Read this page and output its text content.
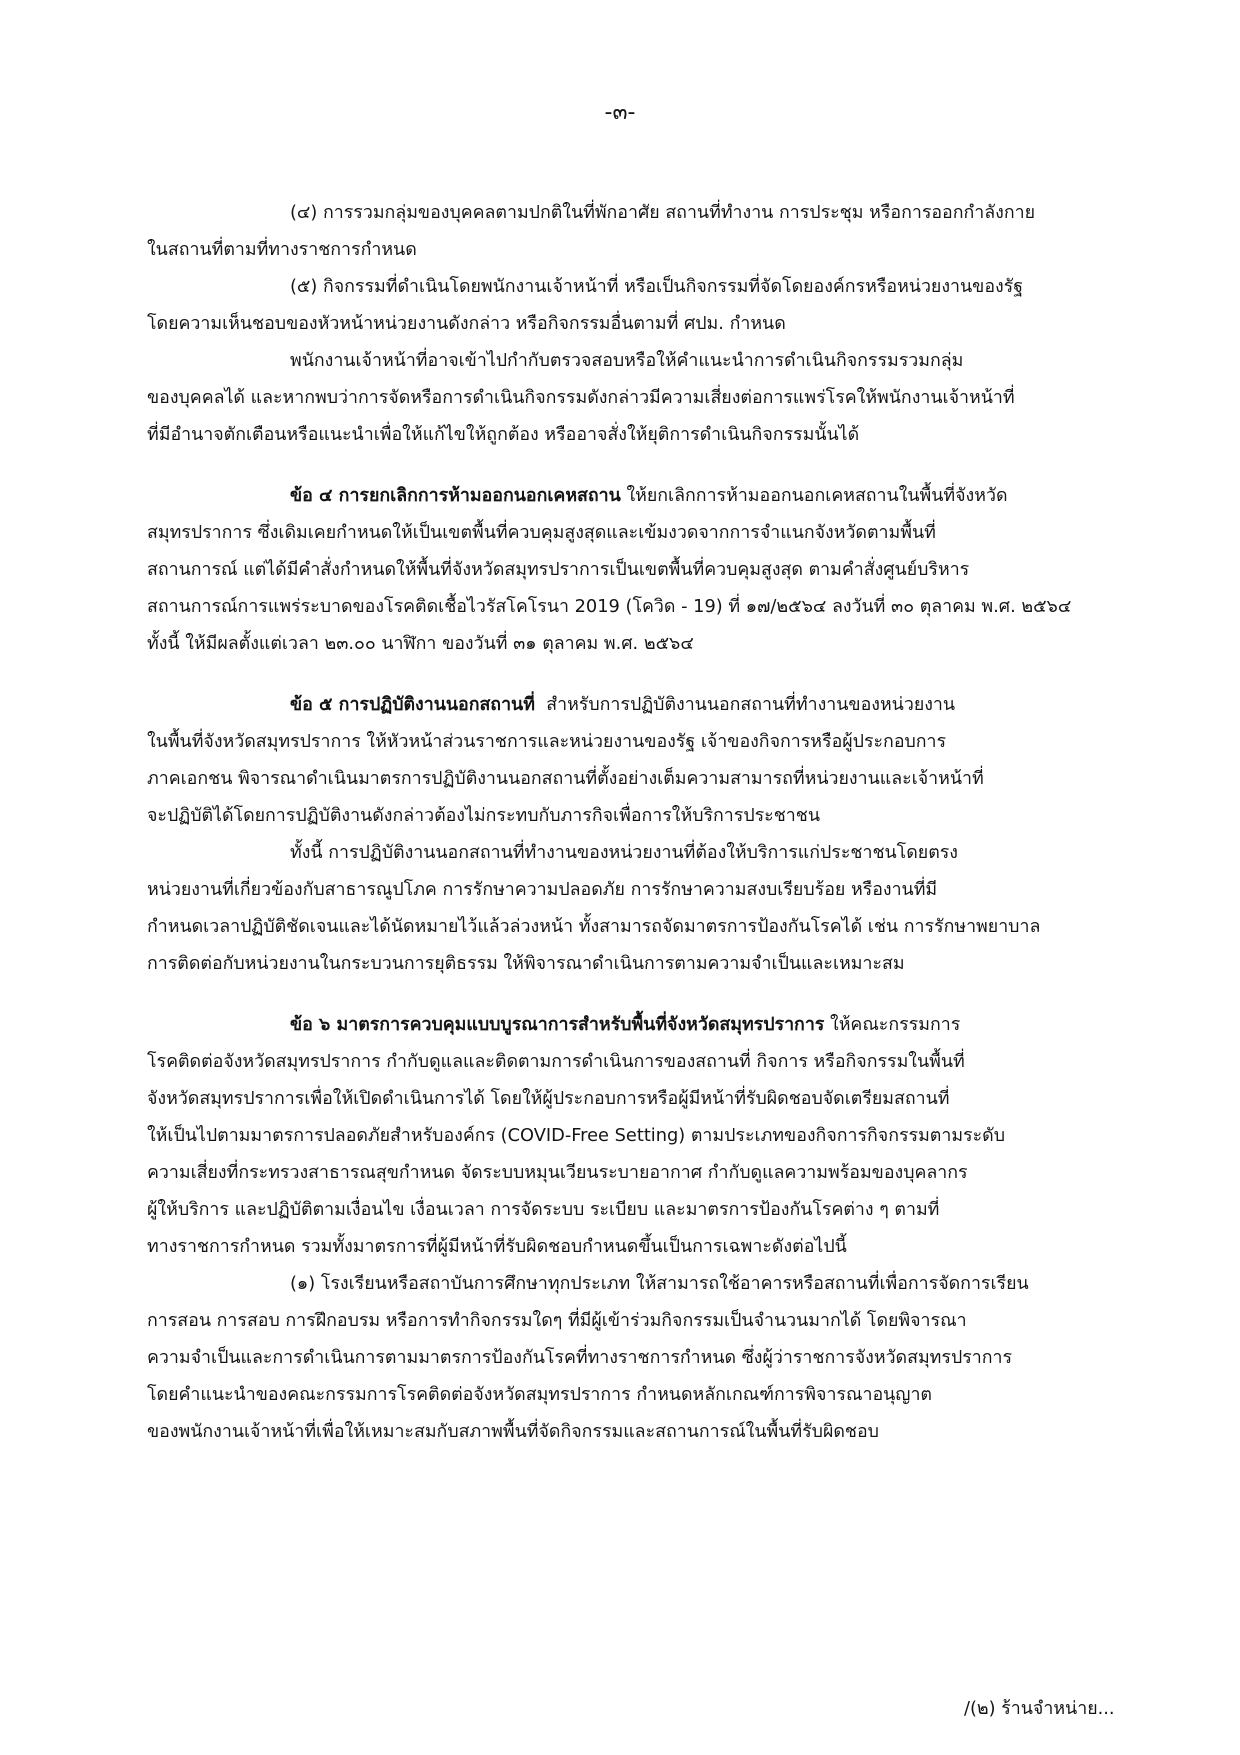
-๓-
(๔) การรวมกลุ่มของบุคคลตามปกติในที่พักอาศัย สถานที่ทำงาน การประชุม หรือการออกกำลังกาย
ในสถานที่ตามที่ทางราชการกำหนด
(๕) กิจกรรมที่ดำเนินโดยพนักงานเจ้าหน้าที่ หรือเป็นกิจกรรมที่จัดโดยองค์กรหรือหน่วยงานของรัฐ
โดยความเห็นชอบของหัวหน้าหน่วยงานดังกล่าว หรือกิจกรรมอื่นตามที่ ศปม. กำหนด
พนักงานเจ้าหน้าที่อาจเข้าไปกำกับตรวจสอบหรือให้คำแนะนำการดำเนินกิจกรรมรวมกลุ่ม
ของบุคคลได้ และหากพบว่าการจัดหรือการดำเนินกิจกรรมดังกล่าวมีความเสี่ยงต่อการแพร่โรคให้พนักงานเจ้าหน้าที่
ที่มีอำนาจตักเตือนหรือแนะนำเพื่อให้แก้ไขให้ถูกต้อง หรืออาจสั่งให้ยุติการดำเนินกิจกรรมนั้นได้
ข้อ ๔ การยกเลิกการห้ามออกนอกเคหสถาน ให้ยกเลิกการห้ามออกนอกเคหสถานในพื้นที่จังหวัด
สมุทรปราการ ซึ่งเดิมเคยกำหนดให้เป็นเขตพื้นที่ควบคุมสูงสุดและเข้มงวดจากการจำแนกจังหวัดตามพื้นที่
สถานการณ์ แต่ได้มีคำสั่งกำหนดให้พื้นที่จังหวัดสมุทรปราการเป็นเขตพื้นที่ควบคุมสูงสุด ตามคำสั่งศูนย์บริหาร
สถานการณ์การแพร่ระบาดของโรคติดเชื้อไวรัสโคโรนา 2019 (โควิด - 19) ที่ ๑๗/๒๕๖๔ ลงวันที่ ๓๐ ตุลาคม พ.ศ. ๒๕๖๔
ทั้งนี้ ให้มีผลตั้งแต่เวลา ๒๓.๐๐ นาฬิกา ของวันที่ ๓๑ ตุลาคม พ.ศ. ๒๕๖๔
ข้อ ๕ การปฏิบัติงานนอกสถานที่ สำหรับการปฏิบัติงานนอกสถานที่ทำงานของหน่วยงาน
ในพื้นที่จังหวัดสมุทรปราการ ให้หัวหน้าส่วนราชการและหน่วยงานของรัฐ เจ้าของกิจการหรือผู้ประกอบการ
ภาคเอกชน พิจารณาดำเนินมาตรการปฏิบัติงานนอกสถานที่ตั้งอย่างเต็มความสามารถที่หน่วยงานและเจ้าหน้าที่
จะปฏิบัติได้โดยการปฏิบัติงานดังกล่าวต้องไม่กระทบกับภารกิจเพื่อการให้บริการประชาชน
ทั้งนี้ การปฏิบัติงานนอกสถานที่ทำงานของหน่วยงานที่ต้องให้บริการแก่ประชาชนโดยตรง
หน่วยงานที่เกี่ยวข้องกับสาธารณูปโภค การรักษาความปลอดภัย การรักษาความสงบเรียบร้อย หรืองานที่มี
กำหนดเวลาปฏิบัติชัดเจนและได้นัดหมายไว้แล้วล่วงหน้า ทั้งสามารถจัดมาตรการป้องกันโรคได้ เช่น การรักษาพยาบาล
การติดต่อกับหน่วยงานในกระบวนการยุติธรรม ให้พิจารณาดำเนินการตามความจำเป็นและเหมาะสม
ข้อ ๖ มาตรการควบคุมแบบบูรณาการสำหรับพื้นที่จังหวัดสมุทรปราการ ให้คณะกรรมการ
โรคติดต่อจังหวัดสมุทรปราการ กำกับดูแลและติดตามการดำเนินการของสถานที่ กิจการ หรือกิจกรรมในพื้นที่
จังหวัดสมุทรปราการเพื่อให้เปิดดำเนินการได้ โดยให้ผู้ประกอบการหรือผู้มีหน้าที่รับผิดชอบจัดเตรียมสถานที่
ให้เป็นไปตามมาตรการปลอดภัยสำหรับองค์กร (COVID-Free Setting) ตามประเภทของกิจการกิจกรรมตามระดับ
ความเสี่ยงที่กระทรวงสาธารณสุขกำหนด จัดระบบหมุนเวียนระบายอากาศ กำกับดูแลความพร้อมของบุคลากร
ผู้ให้บริการ และปฏิบัติตามเงื่อนไข เงื่อนเวลา การจัดระบบ ระเบียบ และมาตรการป้องกันโรคต่าง ๆ ตามที่
ทางราชการกำหนด รวมทั้งมาตรการที่ผู้มีหน้าที่รับผิดชอบกำหนดขึ้นเป็นการเฉพาะดังต่อไปนี้
(๑) โรงเรียนหรือสถาบันการศึกษาทุกประเภท ให้สามารถใช้อาคารหรือสถานที่เพื่อการจัดการเรียน
การสอน การสอบ การฝึกอบรม หรือการทำกิจกรรมใดๆ ที่มีผู้เข้าร่วมกิจกรรมเป็นจำนวนมากได้ โดยพิจารณา
ความจำเป็นและการดำเนินการตามมาตรการป้องกันโรคที่ทางราชการกำหนด ซึ่งผู้ว่าราชการจังหวัดสมุทรปราการ
โดยคำแนะนำของคณะกรรมการโรคติดต่อจังหวัดสมุทรปราการ กำหนดหลักเกณฑ์การพิจารณาอนุญาต
ของพนักงานเจ้าหน้าที่เพื่อให้เหมาะสมกับสภาพพื้นที่จัดกิจกรรมและสถานการณ์ในพื้นที่รับผิดชอบ
/(๒) ร้านจำหน่าย...
